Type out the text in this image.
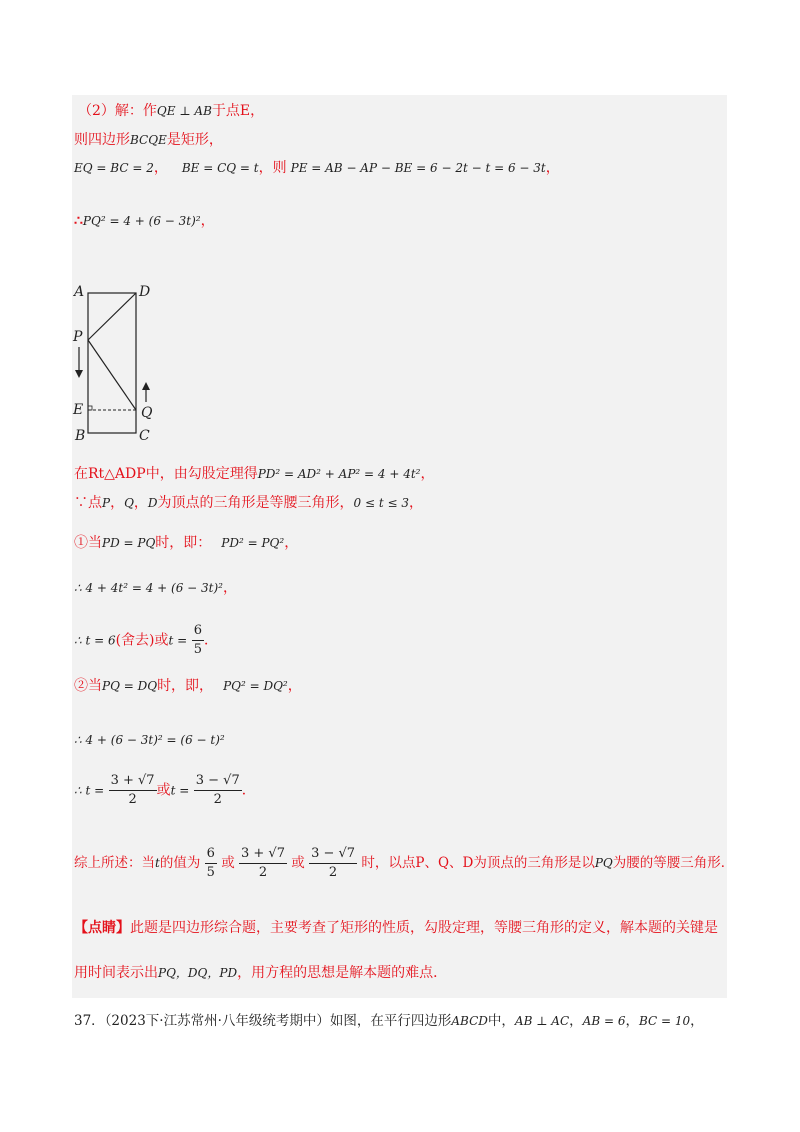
（2）解：作QE ⊥ AB于点E，
则四边形BCQE是矩形，
EQ = BC = 2， BE = CQ = t，则 PE = AB − AP − BE = 6 − 2t − t = 6 − 3t，
∴PQ² = 4 + (6 − 3t)²，
A	D
P
E	Q
B	C
在Rt△ADP中，由勾股定理得PD² = AD² + AP² = 4 + 4t²，
∵点P，Q，D为顶点的三角形是等腰三角形，0 ≤ t ≤ 3，
①当PD = PQ时，即： PD² = PQ²，
∴ 4 + 4t² = 4 + (6 − 3t)²，
∴ t = 6(舍去)或$t = \frac{6}{5}$ ．
②当PQ = DQ时，即， PQ² = DQ²，
∴ 4 + (6 − 3t)² = (6 − t)²
∴ $t = \frac{3 + √7}{2}$ 或$t = \frac{3 - √7}{2}$ ．
综上所述：当t的值为 $\frac{6}{5}$ 或 $\frac{3 + √7}{2}$ 或 $\frac{3 - √7}{2}$ 时，以点P、Q、D为顶点的三角形是以PQ为腰的等腰三角形．
【点睛】此题是四边形综合题，主要考查了矩形的性质，勾股定理，等腰三角形的定义，解本题的关键是
用时间表示出PQ，DQ，PD，用方程的思想是解本题的难点．
37．（2023下·江苏常州·八年级统考期中）如图，在平行四边形ABCD中，AB ⊥ AC，AB = 6，BC = 10，
